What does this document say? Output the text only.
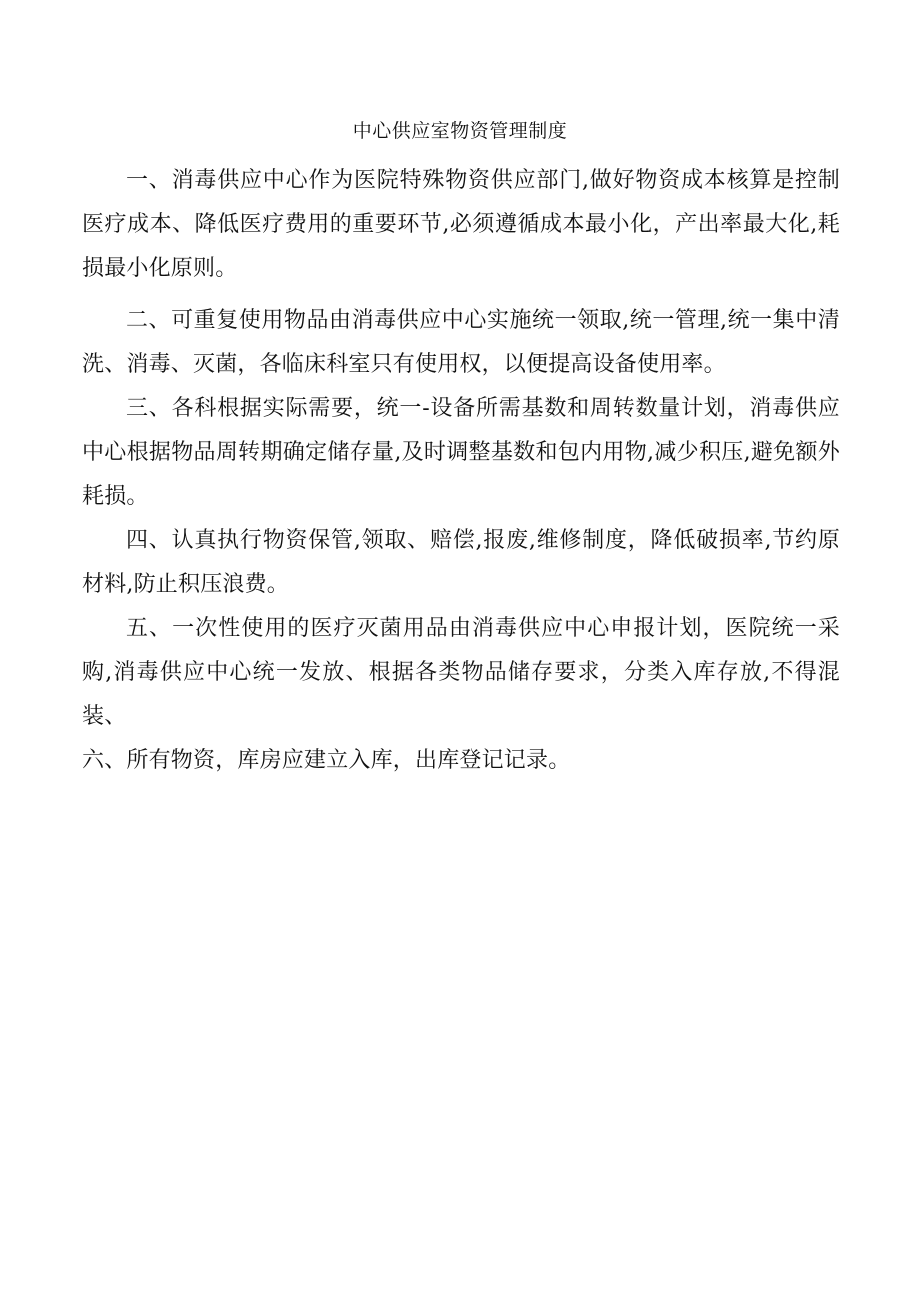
中心供应室物资管理制度

一、消毒供应中心作为医院特殊物资供应部门,做好物资成本核算是控制医疗成本、降低医疗费用的重要环节,必须遵循成本最小化，产出率最大化,耗损最小化原则。

二、可重复使用物品由消毒供应中心实施统一领取,统一管理,统一集中清洗、消毒、灭菌，各临床科室只有使用权，以便提高设备使用率。

三、各科根据实际需要，统一-设备所需基数和周转数量计划，消毒供应中心根据物品周转期确定储存量,及时调整基数和包内用物,减少积压,避免额外耗损。

四、认真执行物资保管,领取、赔偿,报废,维修制度，降低破损率,节约原材料,防止积压浪费。

五、一次性使用的医疗灭菌用品由消毒供应中心申报计划，医院统一采购,消毒供应中心统一发放、根据各类物品储存要求，分类入库存放,不得混装、

六、所有物资，库房应建立入库，出库登记记录。
